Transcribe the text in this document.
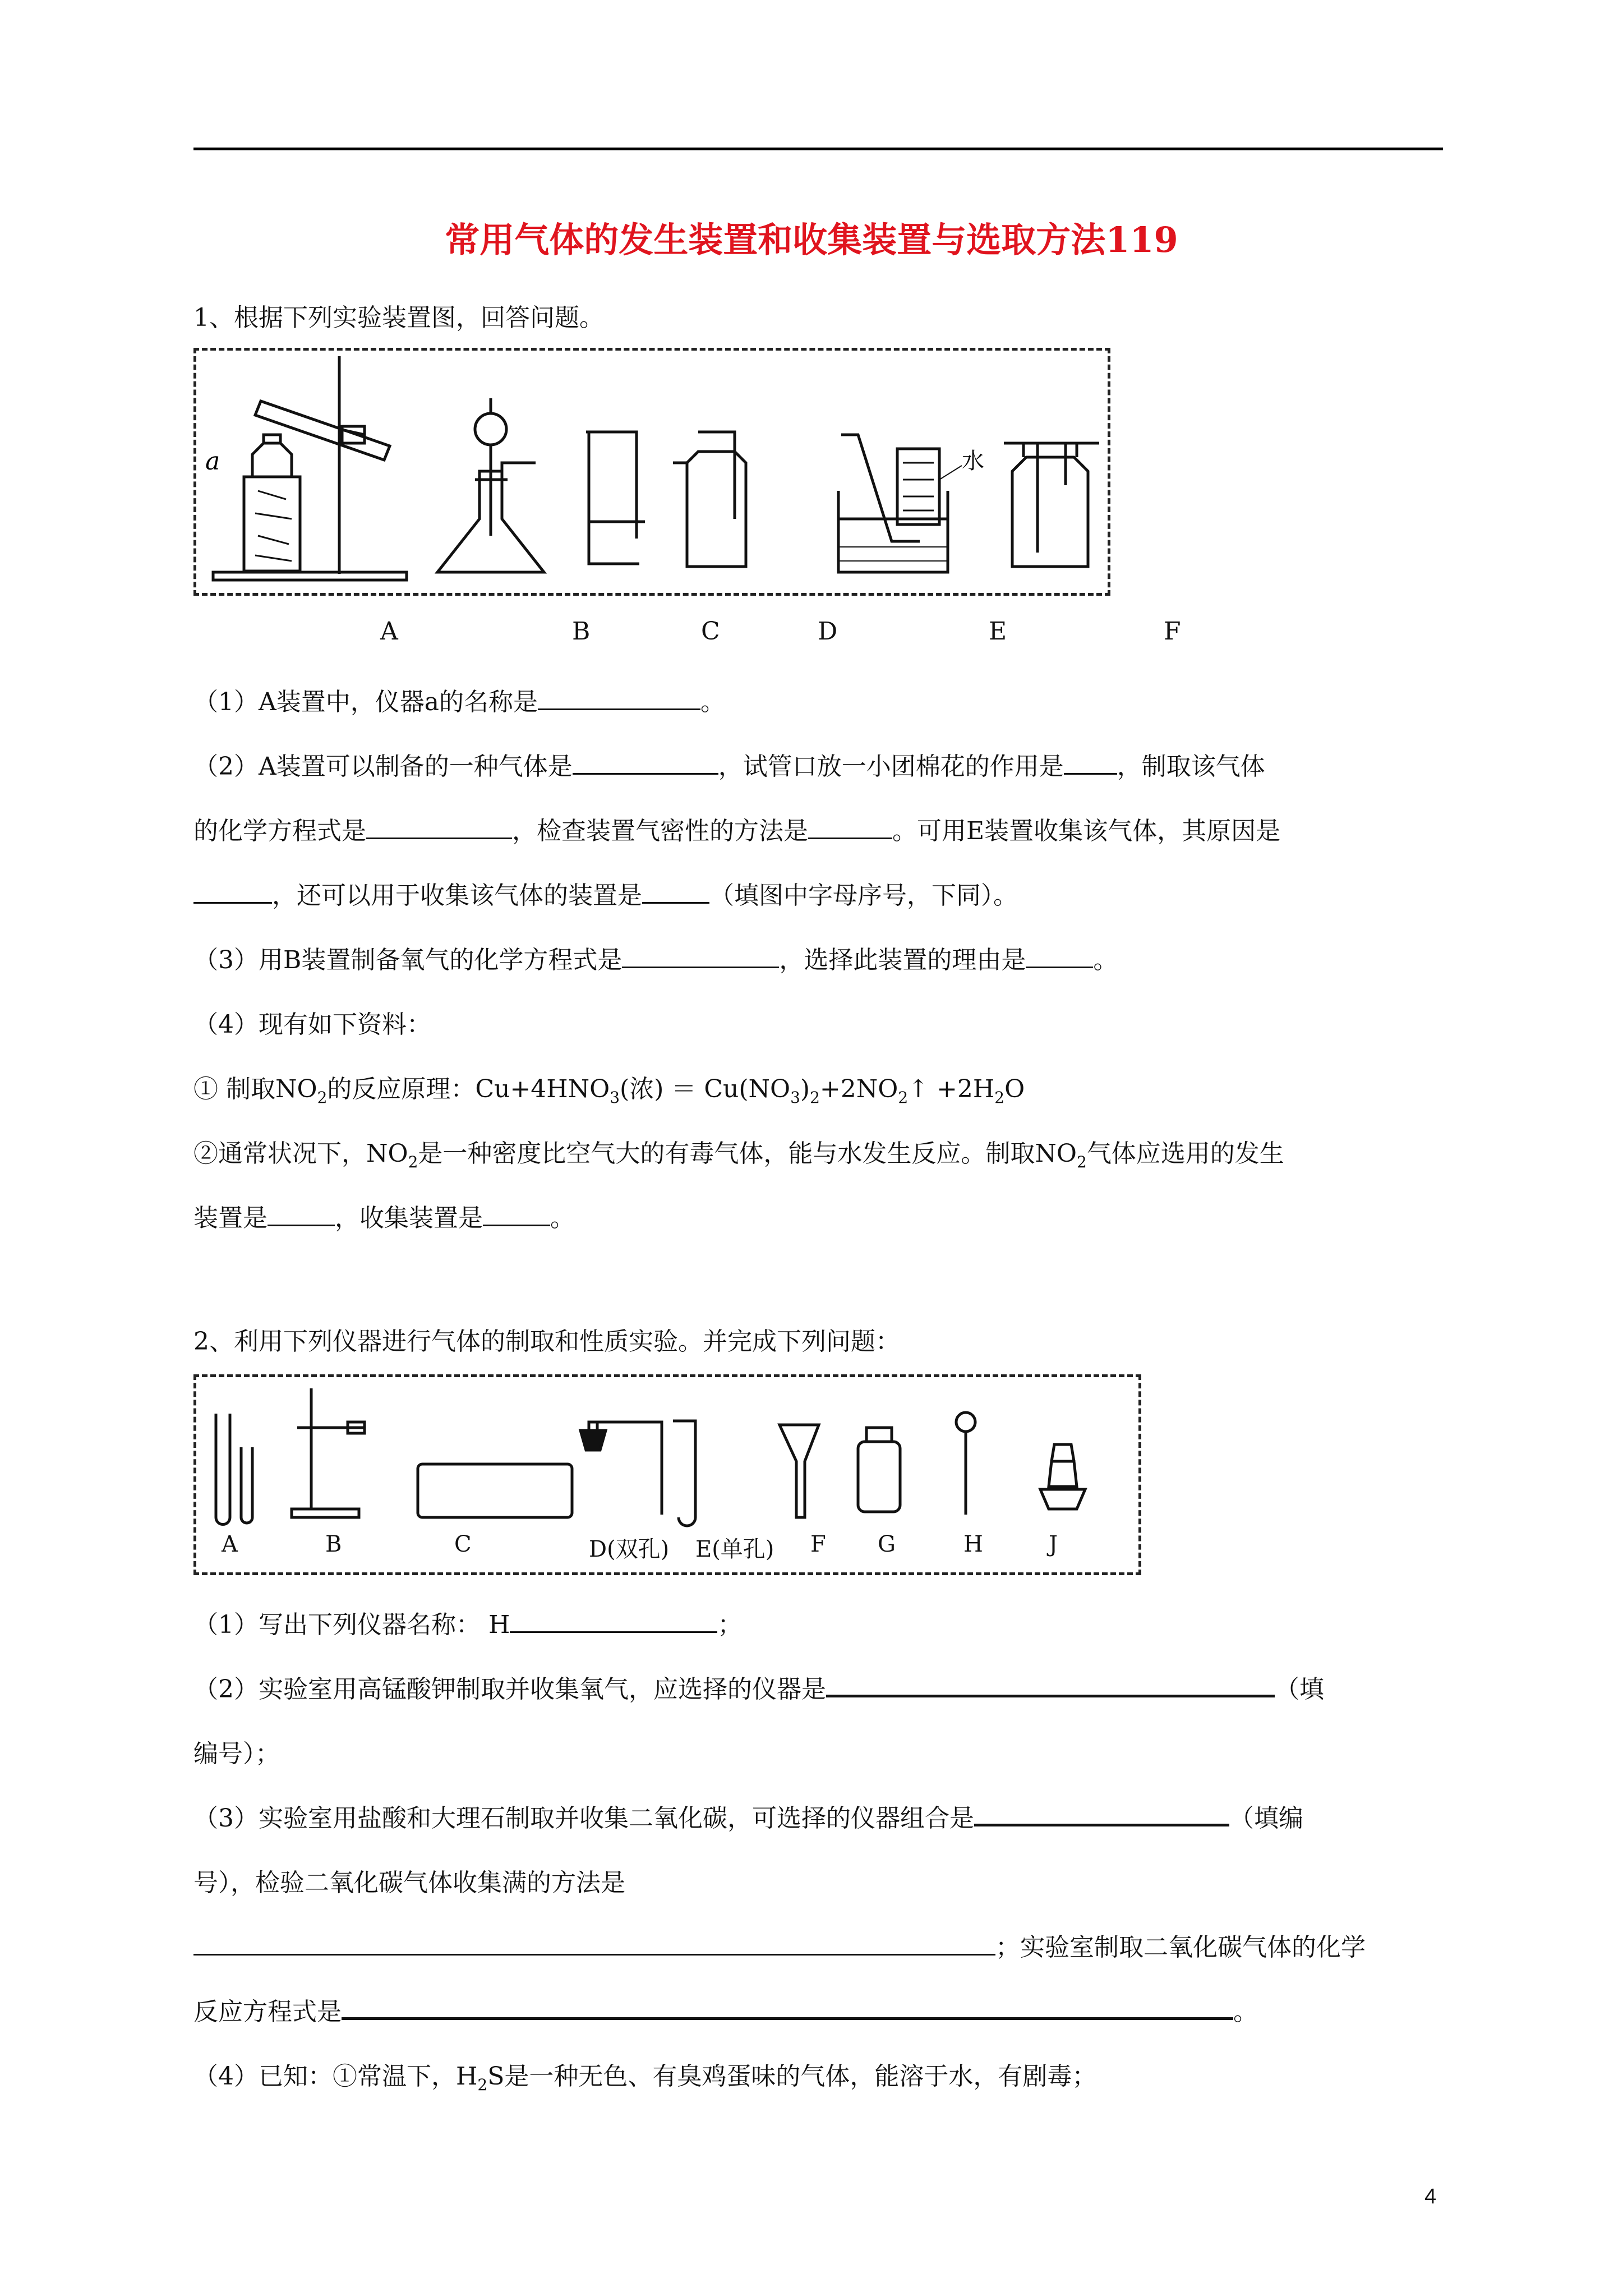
常用气体的发生装置和收集装置与选取方法119
1、根据下列实验装置图，回答问题。
a	水
A	B	C	D	E	F
（1）A装置中，仪器a的名称是	。
（2）A装置可以制备的一种气体是	，试管口放一小团棉花的作用是 ，制取该气体
的化学方程式是	，检查装置气密性的方法是	。可用E装置收集该气体，其原因是
，还可以用于收集该气体的装置是	（填图中字母序号，下同）。
（3）用B装置制备氧气的化学方程式是	，选择此装置的理由是	。
（4）现有如下资料：
① 制取$NO_2$的反应原理：$Cu+4HNO_3$(浓) ＝ $Cu(NO_3)_2+2NO_2↑ +2H_2O$
②通常状况下，$NO_2$是一种密度比空气大的有毒气体，能与水发生反应。制取$NO_2$气体应选用的发生
装置是	，收集装置是	。
2、利用下列仪器进行气体的制取和性质实验。并完成下列问题：
A	B	C	D(双孔) E(单孔) F G	H	J
（1）写出下列仪器名称： H	；
（2）实验室用高锰酸钾制取并收集氧气，应选择的仪器是	（填
编号）；
（3）实验室用盐酸和大理石制取并收集二氧化碳，可选择的仪器组合是	（填编
号），检验二氧化碳气体收集满的方法是
；实验室制取二氧化碳气体的化学
反应方程式是	。
（4）已知：①常温下，$H_2S$是一种无色、有臭鸡蛋味的气体，能溶于水，有剧毒；
4
